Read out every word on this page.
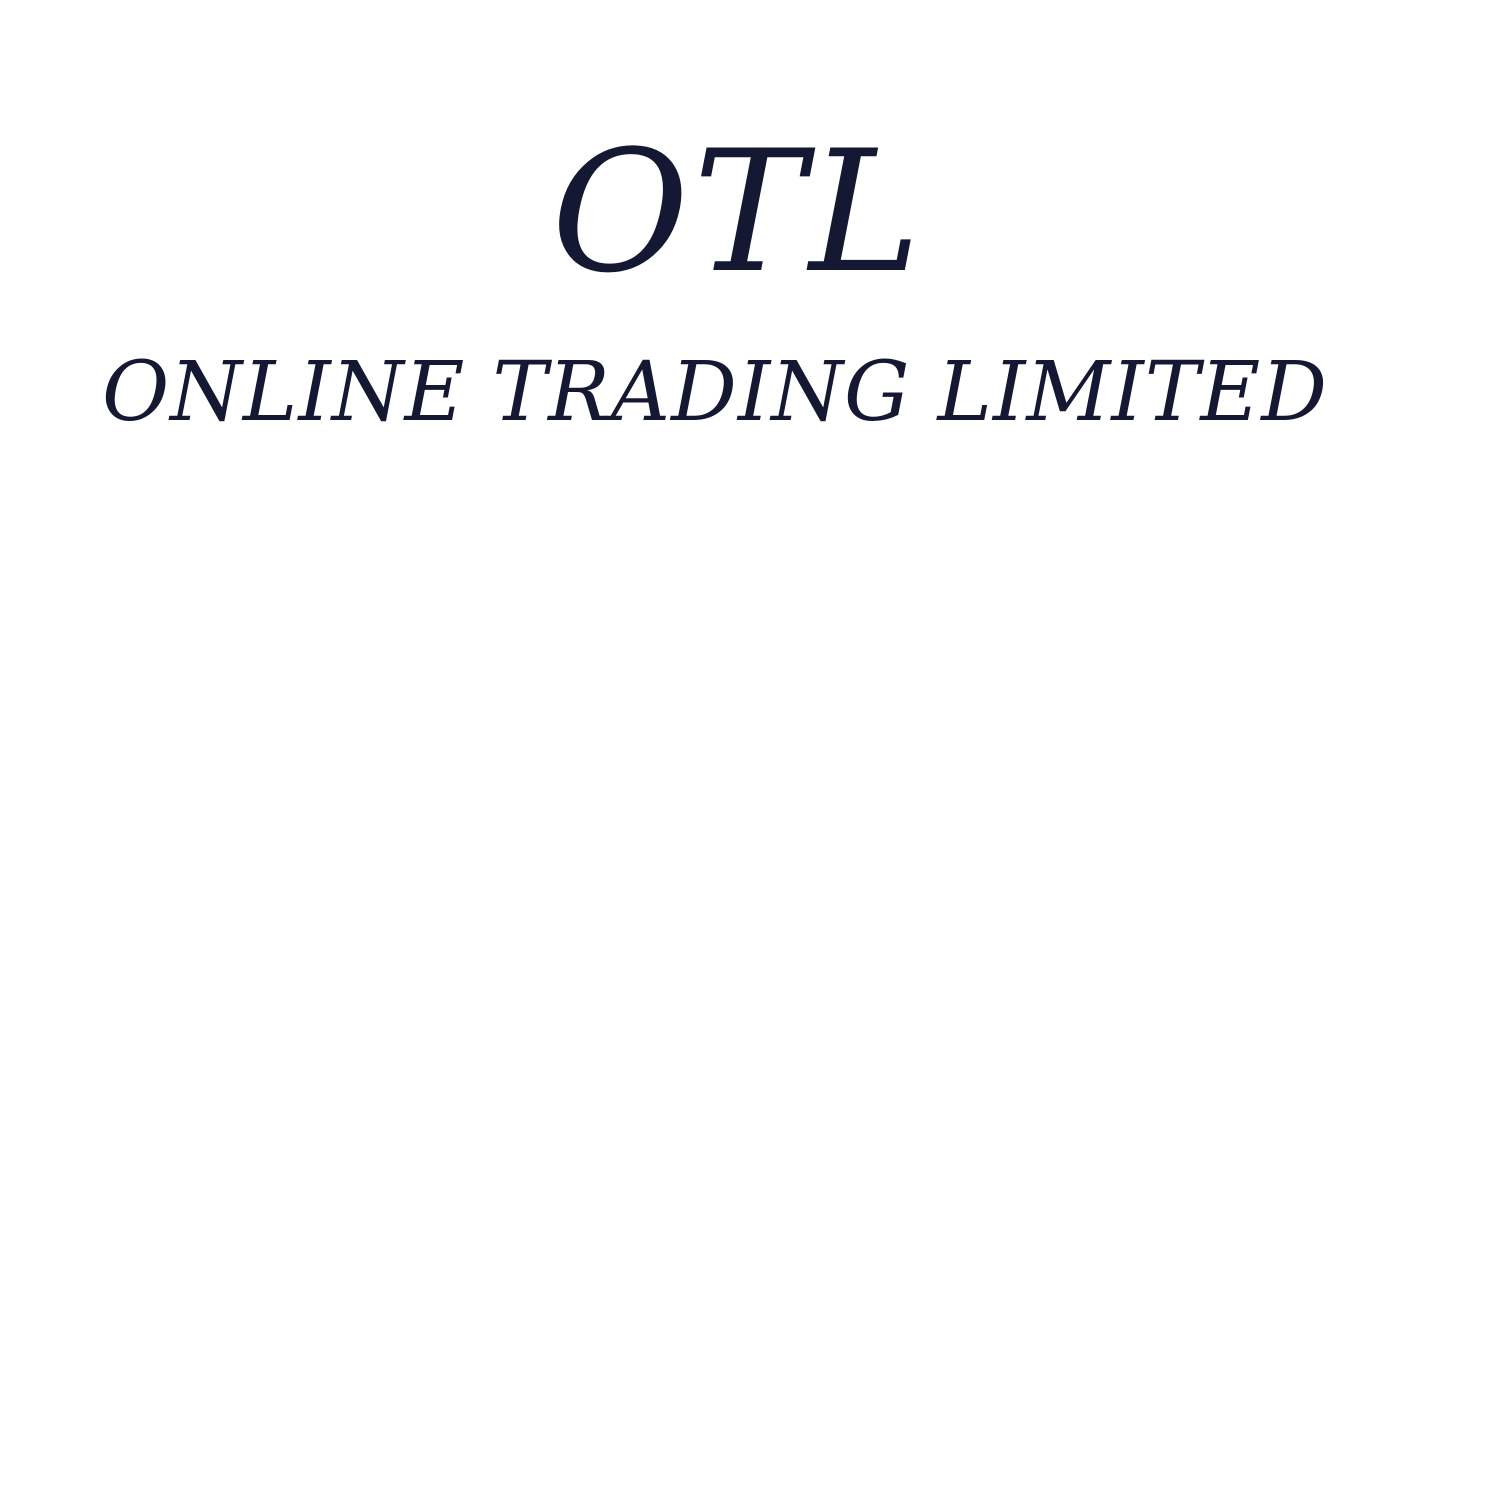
OTL
ONLINE TRADING LIMITED
